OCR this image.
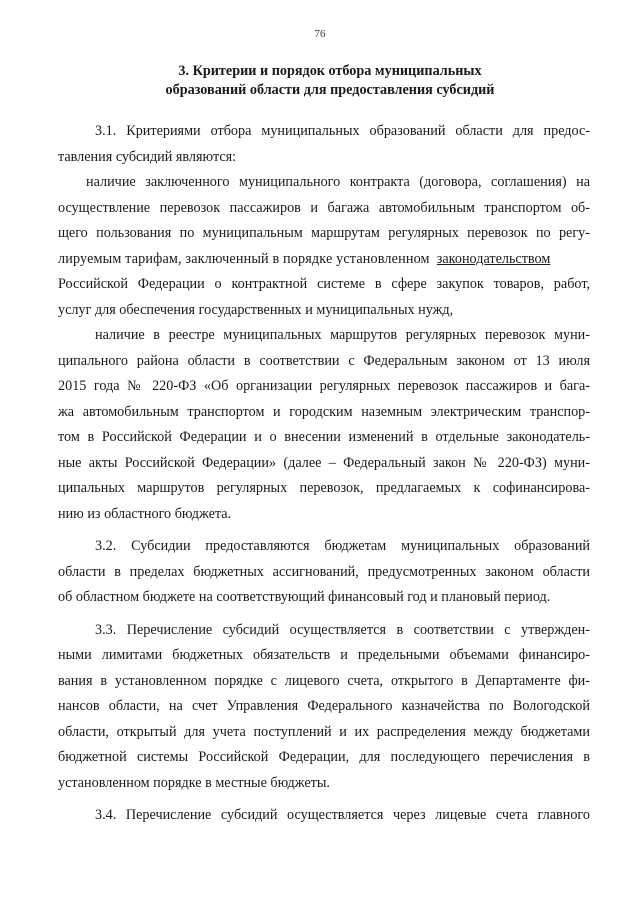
76
3. Критерии и порядок отбора муниципальных
образований области для предоставления субсидий
3.1. Критериями отбора муниципальных образований области для предос-
тавления субсидий являются:
наличие заключенного муниципального контракта (договора, соглашения) на
осуществление перевозок пассажиров и багажа автомобильным транспортом об-
щего пользования по муниципальным маршрутам регулярных перевозок по регу-
лируемым тарифам, заключенный в порядке установленном законодательством
Российской Федерации о контрактной системе в сфере закупок товаров, работ,
услуг для обеспечения государственных и муниципальных нужд,
наличие в реестре муниципальных маршрутов регулярных перевозок муни-
ципального района области в соответствии с Федеральным законом от 13 июля
2015 года № 220-ФЗ «Об организации регулярных перевозок пассажиров и бага-
жа автомобильным транспортом и городским наземным электрическим транспор-
том в Российской Федерации и о внесении изменений в отдельные законодатель-
ные акты Российской Федерации» (далее – Федеральный закон № 220-ФЗ) муни-
ципальных маршрутов регулярных перевозок, предлагаемых к софинансирова-
нию из областного бюджета.
3.2. Субсидии предоставляются бюджетам муниципальных образований
области в пределах бюджетных ассигнований, предусмотренных законом области
об областном бюджете на соответствующий финансовый год и плановый период.
3.3. Перечисление субсидий осуществляется в соответствии с утвержден-
ными лимитами бюджетных обязательств и предельными объемами финансиро-
вания в установленном порядке с лицевого счета, открытого в Департаменте фи-
нансов области, на счет Управления Федерального казначейства по Вологодской
области, открытый для учета поступлений и их распределения между бюджетами
бюджетной системы Российской Федерации, для последующего перечисления в
установленном порядке в местные бюджеты.
3.4. Перечисление субсидий осуществляется через лицевые счета главного
